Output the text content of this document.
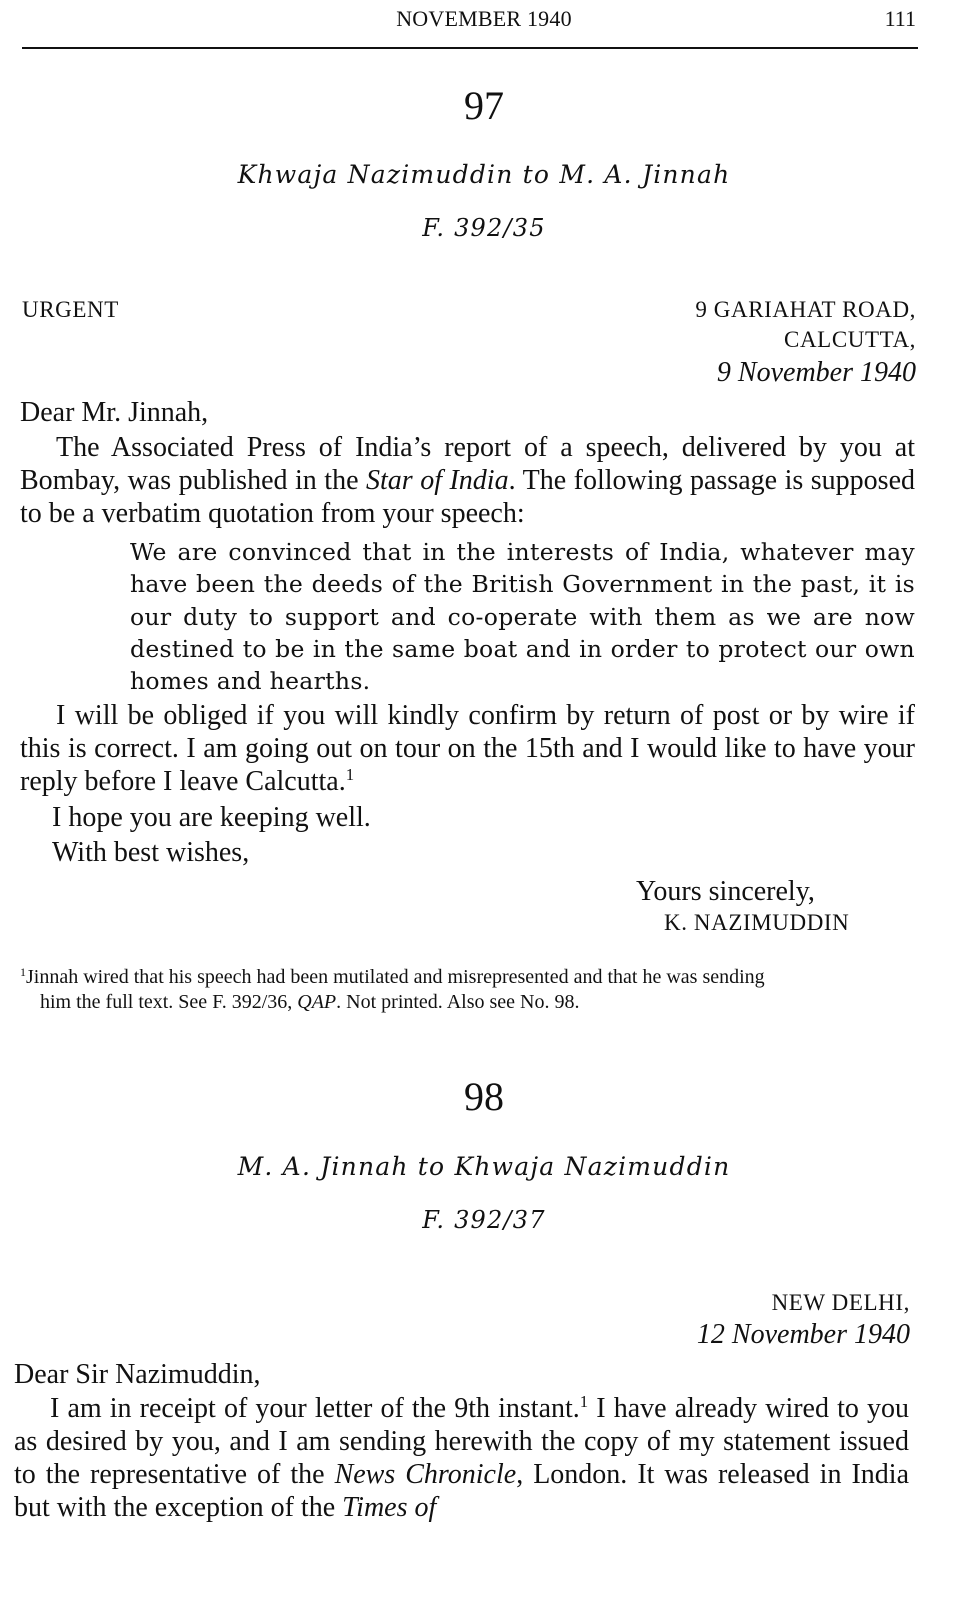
NOVEMBER 1940	111
97
Khwaja Nazimuddin to M. A. Jinnah
F. 392/35
URGENT	9 GARIAHAT ROAD,
CALCUTTA,
9 November 1940
Dear Mr. Jinnah,
The Associated Press of India’s report of a speech, delivered by you at Bombay, was published in the Star of India. The following passage is supposed to be a verbatim quotation from your speech:
We are convinced that in the interests of India, whatever may have been the deeds of the British Government in the past, it is our duty to support and co-operate with them as we are now destined to be in the same boat and in order to protect our own homes and hearths.
I will be obliged if you will kindly confirm by return of post or by wire if this is correct. I am going out on tour on the 15th and I would like to have your reply before I leave Calcutta.$^1$
I hope you are keeping well.
With best wishes,
Yours sincerely,
K. NAZIMUDDIN
$^1$Jinnah wired that his speech had been mutilated and misrepresented and that he was sending
him the full text. See F. 392/36, QAP. Not printed. Also see No. 98.
98
M. A. Jinnah to Khwaja Nazimuddin
F. 392/37
NEW DELHI,
12 November 1940
Dear Sir Nazimuddin,
I am in receipt of your letter of the 9th instant.$^1$ I have already wired to you as desired by you, and I am sending herewith the copy of my statement issued to the representative of the News Chronicle, London. It was released in India but with the exception of the Times of
